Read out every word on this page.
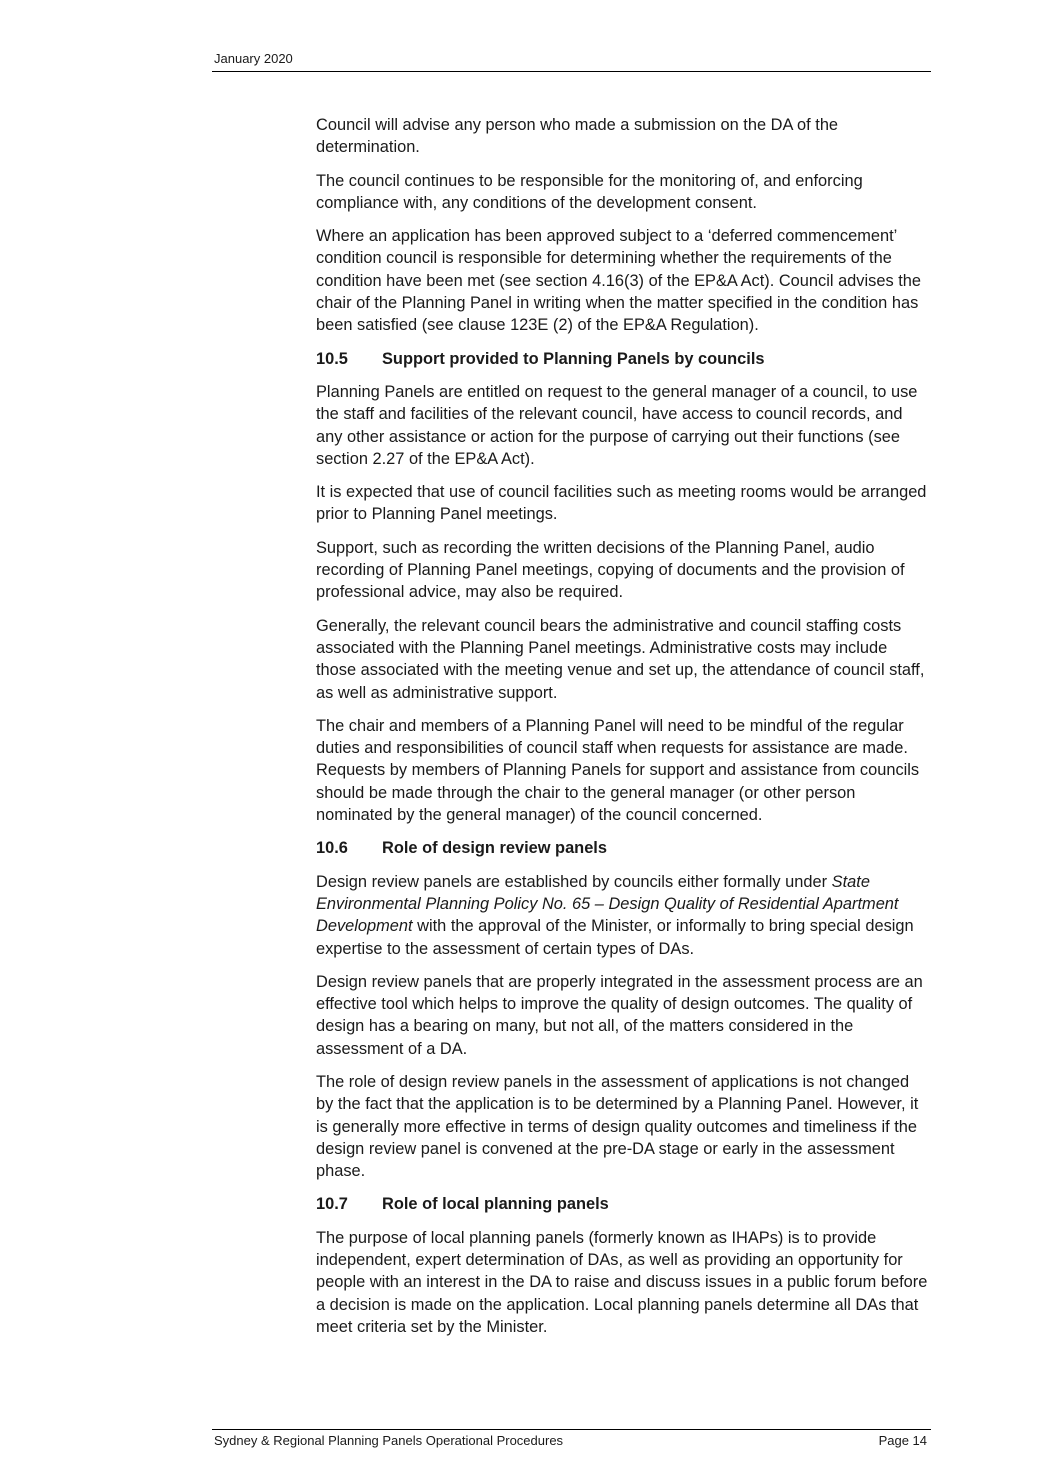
January 2020

Council will advise any person who made a submission on the DA of the determination.

The council continues to be responsible for the monitoring of, and enforcing compliance with, any conditions of the development consent.

Where an application has been approved subject to a ‘deferred commencement’ condition council is responsible for determining whether the requirements of the condition have been met (see section 4.16(3) of the EP&A Act). Council advises the chair of the Planning Panel in writing when the matter specified in the condition has been satisfied (see clause 123E (2) of the EP&A Regulation).

10.5 Support provided to Planning Panels by councils

Planning Panels are entitled on request to the general manager of a council, to use the staff and facilities of the relevant council, have access to council records, and any other assistance or action for the purpose of carrying out their functions (see section 2.27 of the EP&A Act).

It is expected that use of council facilities such as meeting rooms would be arranged prior to Planning Panel meetings.

Support, such as recording the written decisions of the Planning Panel, audio recording of Planning Panel meetings, copying of documents and the provision of professional advice, may also be required.

Generally, the relevant council bears the administrative and council staffing costs associated with the Planning Panel meetings. Administrative costs may include those associated with the meeting venue and set up, the attendance of council staff, as well as administrative support.

The chair and members of a Planning Panel will need to be mindful of the regular duties and responsibilities of council staff when requests for assistance are made. Requests by members of Planning Panels for support and assistance from councils should be made through the chair to the general manager (or other person nominated by the general manager) of the council concerned.

10.6 Role of design review panels

Design review panels are established by councils either formally under State Environmental Planning Policy No. 65 – Design Quality of Residential Apartment Development with the approval of the Minister, or informally to bring special design expertise to the assessment of certain types of DAs.

Design review panels that are properly integrated in the assessment process are an effective tool which helps to improve the quality of design outcomes. The quality of design has a bearing on many, but not all, of the matters considered in the assessment of a DA.

The role of design review panels in the assessment of applications is not changed by the fact that the application is to be determined by a Planning Panel. However, it is generally more effective in terms of design quality outcomes and timeliness if the design review panel is convened at the pre-DA stage or early in the assessment phase.

10.7 Role of local planning panels

The purpose of local planning panels (formerly known as IHAPs) is to provide independent, expert determination of DAs, as well as providing an opportunity for people with an interest in the DA to raise and discuss issues in a public forum before a decision is made on the application. Local planning panels determine all DAs that meet criteria set by the Minister.

Sydney & Regional Planning Panels Operational Procedures	Page 14
